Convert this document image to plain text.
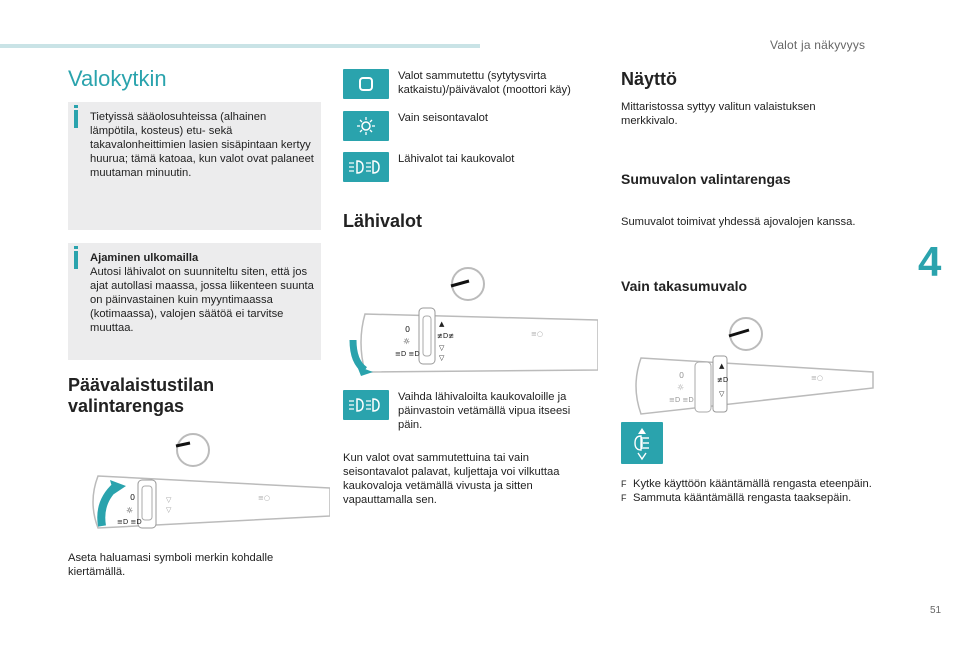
Valot ja näkyvyys
4
51
Valokytkin
Tietyissä sääolosuhteissa (alhainen lämpötila, kosteus) etu- sekä takavalonheittimien lasien sisäpintaan kertyy huurua; tämä katoaa, kun valot ovat palaneet muutaman minuutin.
Ajaminen ulkomailla
Autosi lähivalot on suunniteltu siten, että jos ajat autollasi maassa, jossa liikenteen suunta on päinvastainen kuin myyntimaassa (kotimaassa), valojen säätöä ei tarvitse muuttaa.
Päävalaistustilan valintarengas
0
☼
≡D ≡D
▽
▽
≡○
Aseta haluamasi symboli merkin kohdalle kiertämällä.
Valot sammutettu (sytytysvirta katkaistu)/päivävalot (moottori käy)
Vain seisontavalot
Lähivalot tai kaukovalot
Lähivalot
0
☼
≡D ≡D
▲
≢D≢
▽
▽
≡○
Vaihda lähivaloilta kaukovaloille ja päinvastoin vetämällä vipua itseesi päin.
Kun valot ovat sammutettuina tai vain seisontavalot palavat, kuljettaja voi vilkuttaa kaukovaloja vetämällä vivusta ja sitten vapauttamalla sen.
Näyttö
Mittaristossa syttyy valitun valaistuksen merkkivalo.
Sumuvalon valintarengas
Sumuvalot toimivat yhdessä ajovalojen kanssa.
Vain takasumuvalo
0
☼
≡D ≡D
▲
≢D
▽
≡○
F Kytke käyttöön kääntämällä rengasta eteenpäin.
F Sammuta kääntämällä rengasta taaksepäin.
